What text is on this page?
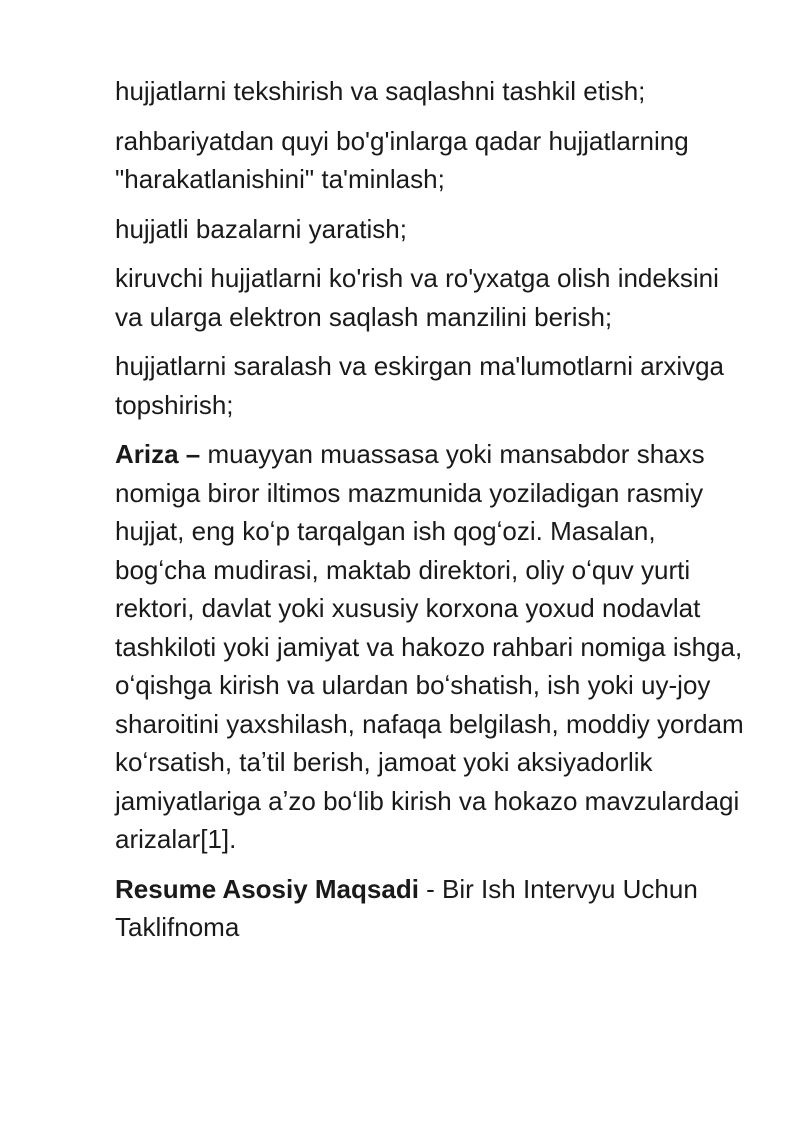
hujjatlarni tekshirish va saqlashni tashkil etish;

rahbariyatdan quyi bo'g'inlarga qadar hujjatlarning "harakatlanishini" ta'minlash;

hujjatli bazalarni yaratish;

kiruvchi hujjatlarni ko'rish va ro'yxatga olish indeksini va ularga elektron saqlash manzilini berish;

hujjatlarni saralash va eskirgan ma'lumotlarni arxivga topshirish;

Ariza – muayyan muassasa yoki mansabdor shaxs nomiga biror iltimos mazmunida yoziladigan rasmiy hujjat, eng koʻp tarqalgan ish qogʻozi. Masalan, bogʻcha mudirasi, maktab direktori, oliy oʻquv yurti rektori, davlat yoki xususiy korxona yoxud nodavlat tashkiloti yoki jamiyat va hakozo rahbari nomiga ishga, oʻqishga kirish va ulardan boʻshatish, ish yoki uy-joy sharoitini yaxshilash, nafaqa belgilash, moddiy yordam koʻrsatish, taʼtil berish, jamoat yoki aksiyadorlik jamiyatlariga aʼzo boʻlib kirish va hokazo mavzulardagi arizalar[1].

Resume Asosiy Maqsadi - Bir Ish Intervyu Uchun Taklifnoma
